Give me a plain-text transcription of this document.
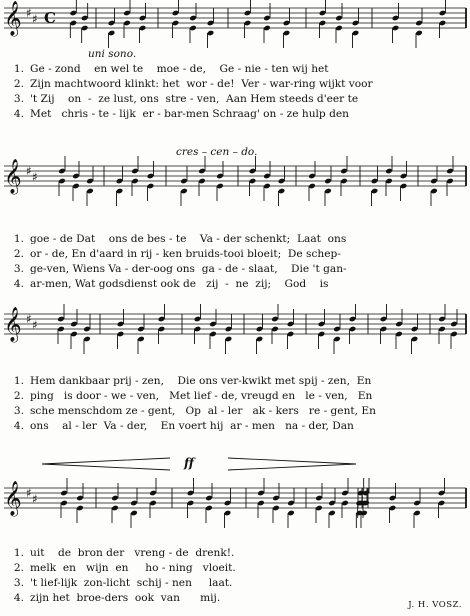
𝄞 ♯ ♯ C
uni sono.
1. Ge - zond    en wel te    moe - de,    Ge - nie - ten wij het
2. Zijn machtwoord klinkt: het  wor - de!  Ver - war-ring wijkt voor
3. 't Zij    on  -  ze lust, ons  stre - ven,  Aan Hem steeds d'eer te
4. Met   chris - te - lijk  er - bar-men Schraag' on - ze hulp den
cres – cen – do.
𝄞 ♯ ♯
1. goe - de Dat    ons de bes - te    Va - der schenkt;  Laat  ons
2. or - de, En d'aard in rij - ken bruids-tooi bloeit;  De schep-
3. ge-ven, Wiens Va - der-oog ons  ga - de - slaat,    Die 't gan-
4. ar-men, Wat godsdienst ook de   zij  -  ne  zij;    God    is
𝄞 ♯ ♯
1. Hem dankbaar prij - zen,    Die ons ver-kwikt met spij - zen,  En
2. ping   is door - we - ven,   Met lief - de, vreugd en   le - ven,   En
3. sche menschdom ze - gent,   Op  al - ler   ak - kers   re - gent, En
4. ons    al - ler  Va - der,    En voert hij  ar - men   na - der, Dan
ff
𝄞 ♯ ♯
1. uit    de  bron der   vreng - de  drenk!.
2. melk  en   wijn  en     ho - ning   vloeit.
3. 't lief-lijk  zon-licht  schij - nen     laat.
4. zijn het  broe-ders  ook  van      mij.
J. H. VOSZ.
